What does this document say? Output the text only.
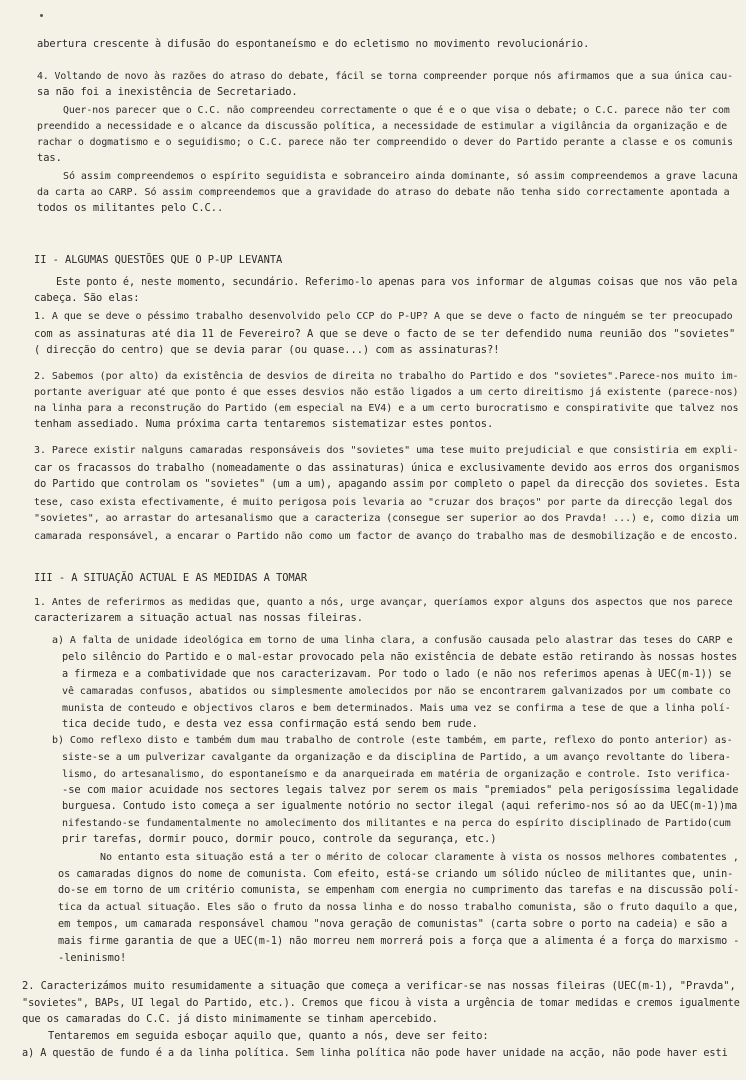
abertura crescente à difusão do espontaneísmo e do ecletismo no movimento revolucionário.
4. Voltando de novo às razões do atraso do debate, fácil se torna compreender porque nós afirmamos que a sua única cau-
sa não foi a inexistência de Secretariado.
Quer-nos parecer que o C.C. não compreendeu correctamente o que é e o que visa o debate; o C.C. parece não ter com
preendido a necessidade e o alcance da discussão política, a necessidade de estimular a vigilância da organização e de
rachar o dogmatismo e o seguidismo; o C.C. parece não ter compreendido o dever do Partido perante a classe e os comunis
tas.
Só assim compreendemos o espírito seguidista e sobranceiro ainda dominante, só assim compreendemos a grave lacuna
da carta ao CARP. Só assim compreendemos que a gravidade do atraso do debate não tenha sido correctamente apontada a
todos os militantes pelo C.C..
II - ALGUMAS QUESTÕES QUE O P-UP LEVANTA
Este ponto é, neste momento, secundário. Referimo-lo apenas para vos informar de algumas coisas que nos vão pela
cabeça. São elas:
1. A que se deve o péssimo trabalho desenvolvido pelo CCP do P-UP? A que se deve o facto de ninguém se ter preocupado
com as assinaturas até dia 11 de Fevereiro? A que se deve o facto de se ter defendido numa reunião dos "sovietes"
( direcção do centro) que se devia parar (ou quase...) com as assinaturas?!
2. Sabemos (por alto) da existência de desvios de direita no trabalho do Partido e dos "sovietes".Parece-nos muito im-
portante averiguar até que ponto é que esses desvios não estão ligados a um certo direitismo já existente (parece-nos)
na linha para a reconstrução do Partido (em especial na EV4) e a um certo burocratismo e conspirativite que talvez nos
tenham assediado. Numa próxima carta tentaremos sistematizar estes pontos.
3. Parece existir nalguns camaradas responsáveis dos "sovietes" uma tese muito prejudicial e que consistiria em expli-
car os fracassos do trabalho (nomeadamente o das assinaturas) única e exclusivamente devido aos erros dos organismos
do Partido que controlam os "sovietes" (um a um), apagando assim por completo o papel da direcção dos sovietes. Esta
tese, caso exista efectivamente, é muito perigosa pois levaria ao "cruzar dos braços" por parte da direcção legal dos
"sovietes", ao arrastar do artesanalismo que a caracteriza (consegue ser superior ao dos Pravda! ...) e, como dizia um
camarada responsável, a encarar o Partido não como um factor de avanço do trabalho mas de desmobilização e de encosto.
III - A SITUAÇÃO ACTUAL E AS MEDIDAS A TOMAR
1. Antes de referirmos as medidas que, quanto a nós, urge avançar, queríamos expor alguns dos aspectos que nos parece
caracterizarem a situação actual nas nossas fileiras.
a) A falta de unidade ideológica em torno de uma linha clara, a confusão causada pelo alastrar das teses do CARP e
pelo silêncio do Partido e o mal-estar provocado pela não existência de debate estão retirando às nossas hostes
a firmeza e a combatividade que nos caracterizavam. Por todo o lado (e não nos referimos apenas à UEC(m-1)) se
vê camaradas confusos, abatidos ou simplesmente amolecidos por não se encontrarem galvanizados por um combate co
munista de conteudo e objectivos claros e bem determinados. Mais uma vez se confirma a tese de que a linha polí-
tica decide tudo, e desta vez essa confirmação está sendo bem rude.
b) Como reflexo disto e também dum mau trabalho de controle (este também, em parte, reflexo do ponto anterior) as-
siste-se a um pulverizar cavalgante da organização e da disciplina de Partido, a um avanço revoltante do libera-
lismo, do artesanalismo, do espontaneísmo e da anarqueirada em matéria de organização e controle. Isto verifica-
-se com maior acuidade nos sectores legais talvez por serem os mais "premiados" pela perigosíssima legalidade
burguesa. Contudo isto começa a ser igualmente notório no sector ilegal (aqui referimo-nos só ao da UEC(m-1))ma
nifestando-se fundamentalmente no amolecimento dos militantes e na perca do espírito disciplinado de Partido(cum
prir tarefas, dormir pouco, dormir pouco, controle da segurança, etc.)
No entanto esta situação está a ter o mérito de colocar claramente à vista os nossos melhores combatentes ,
os camaradas dignos do nome de comunista. Com efeito, está-se criando um sólido núcleo de militantes que, unin-
do-se em torno de um critério comunista, se empenham com energia no cumprimento das tarefas e na discussão polí-
tica da actual situação. Eles são o fruto da nossa linha e do nosso trabalho comunista, são o fruto daquilo a que,
em tempos, um camarada responsável chamou "nova geração de comunistas" (carta sobre o porto na cadeia) e são a
mais firme garantia de que a UEC(m-1) não morreu nem morrerá pois a força que a alimenta é a força do marxismo -
-leninismo!
2. Caracterizámos muito resumidamente a situação que começa a verificar-se nas nossas fileiras (UEC(m-1), "Pravda",
"sovietes", BAPs, UI legal do Partido, etc.). Cremos que ficou à vista a urgência de tomar medidas e cremos igualmente
que os camaradas do C.C. já disto minimamente se tinham apercebido.
Tentaremos em seguida esboçar aquilo que, quanto a nós, deve ser feito:
a) A questão de fundo é a da linha política. Sem linha política não pode haver unidade na acção, não pode haver esti
